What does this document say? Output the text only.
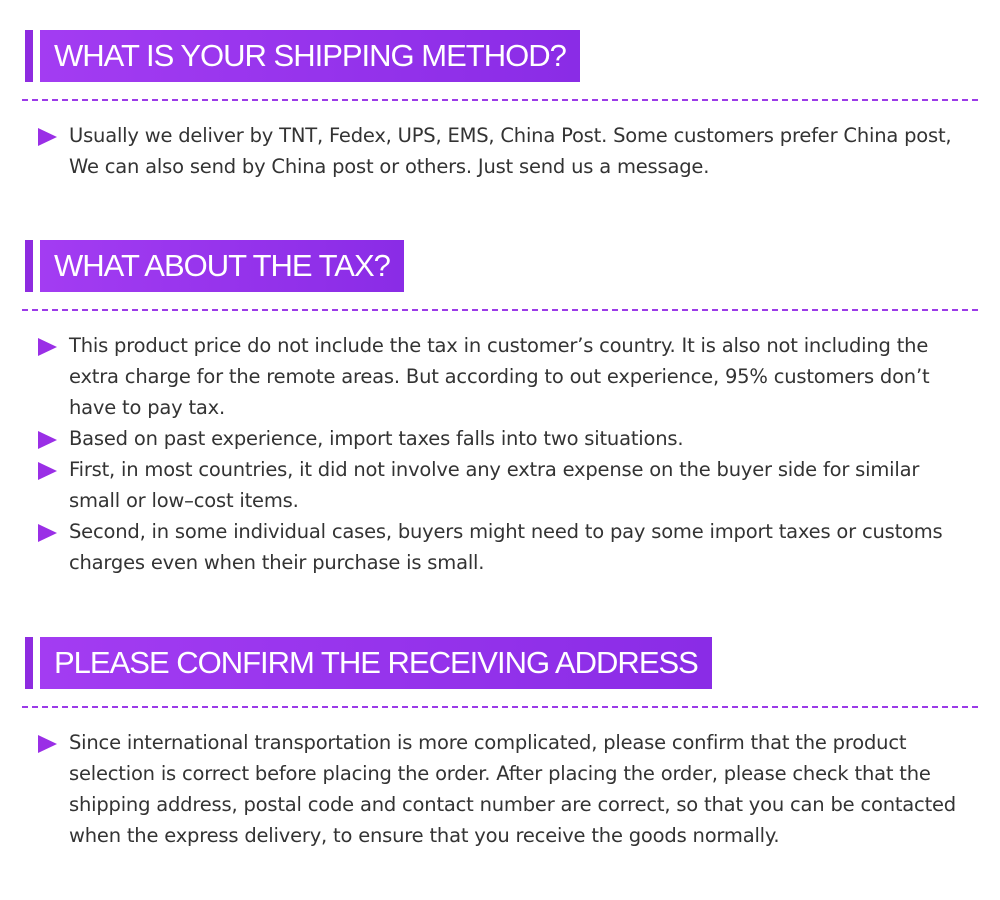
WHAT IS YOUR SHIPPING METHOD?
Usually we deliver by TNT, Fedex, UPS, EMS, China Post. Some customers prefer China post, We can also send by China post or others. Just send us a message.
WHAT ABOUT THE TAX?
This product price do not include the tax in customer’s country. It is also not including the extra charge for the remote areas. But according to out experience, 95% customers don’t have to pay tax.
Based on past experience, import taxes falls into two situations.
First, in most countries, it did not involve any extra expense on the buyer side for similar small or low–cost items.
Second, in some individual cases, buyers might need to pay some import taxes or customs charges even when their purchase is small.
PLEASE CONFIRM THE RECEIVING ADDRESS
Since international transportation is more complicated, please confirm that the product selection is correct before placing the order. After placing the order, please check that the shipping address, postal code and contact number are correct, so that you can be contacted when the express delivery, to ensure that you receive the goods normally.
